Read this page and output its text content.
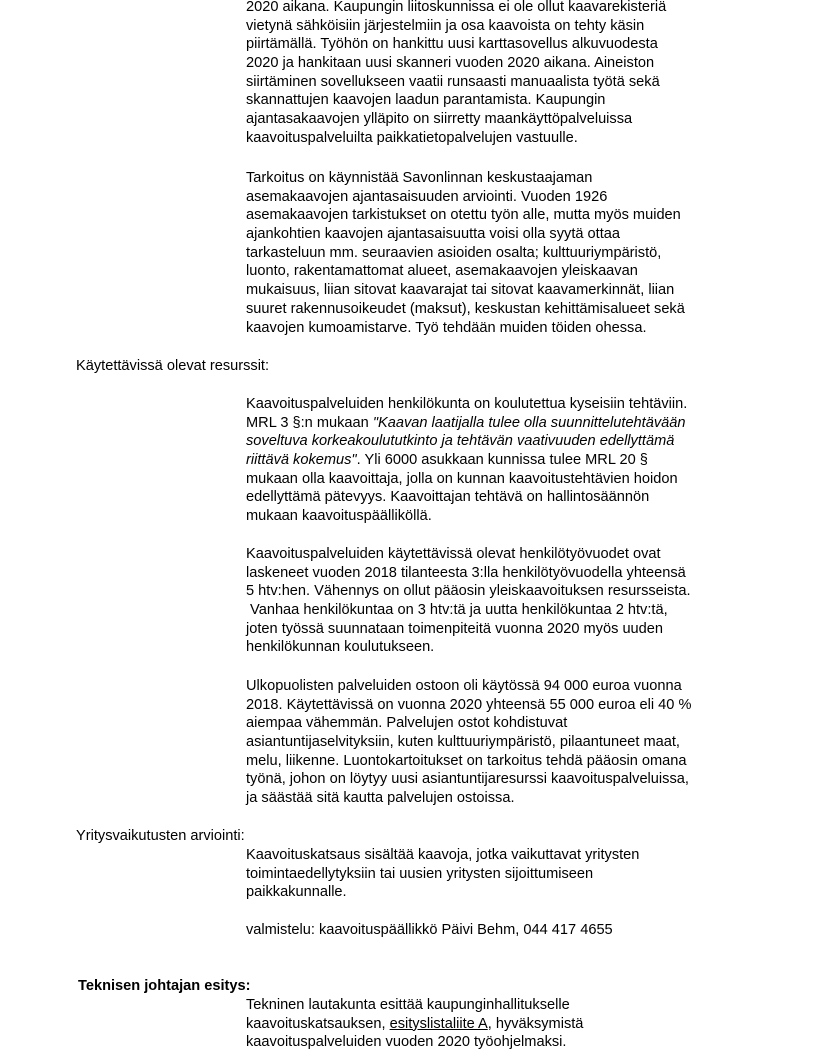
2020 aikana. Kaupungin liitoskunnissa ei ole ollut kaavarekisteriä
vietynä sähköisiin järjestelmiin ja osa kaavoista on tehty käsin
piirtämällä. Työhön on hankittu uusi karttasovellus alkuvuodesta
2020 ja hankitaan uusi skanneri vuoden 2020 aikana. Aineiston
siirtäminen sovellukseen vaatii runsaasti manuaalista työtä sekä
skannattujen kaavojen laadun parantamista. Kaupungin
ajantasakaavojen ylläpito on siirretty maankäyttöpalveluissa
kaavoituspalveluilta paikkatietopalvelujen vastuulle.
Tarkoitus on käynnistää Savonlinnan keskustaajaman
asemakaavojen ajantasaisuuden arviointi. Vuoden 1926
asemakaavojen tarkistukset on otettu työn alle, mutta myös muiden
ajankohtien kaavojen ajantasaisuutta voisi olla syytä ottaa
tarkasteluun mm. seuraavien asioiden osalta; kulttuuriympäristö,
luonto, rakentamattomat alueet, asemakaavojen yleiskaavan
mukaisuus, liian sitovat kaavarajat tai sitovat kaavamerkinnät, liian
suuret rakennusoikeudet (maksut), keskustan kehittämisalueet sekä
kaavojen kumoamistarve. Työ tehdään muiden töiden ohessa.
Käytettävissä olevat resurssit:
Kaavoituspalveluiden henkilökunta on koulutettua kyseisiin tehtäviin.
MRL 3 §:n mukaan "Kaavan laatijalla tulee olla suunnittelutehtävään
soveltuva korkeakoulututkinto ja tehtävän vaativuuden edellyttämä
riittävä kokemus". Yli 6000 asukkaan kunnissa tulee MRL 20 §
mukaan olla kaavoittaja, jolla on kunnan kaavoitustehtävien hoidon
edellyttämä pätevyys. Kaavoittajan tehtävä on hallintosäännön
mukaan kaavoituspäälliköllä.
Kaavoituspalveluiden käytettävissä olevat henkilötyövuodet ovat
laskeneet vuoden 2018 tilanteesta 3:lla henkilötyövuodella yhteensä
5 htv:hen. Vähennys on ollut pääosin yleiskaavoituksen resursseista.
Vanhaa henkilökuntaa on 3 htv:tä ja uutta henkilökuntaa 2 htv:tä,
joten työssä suunnataan toimenpiteitä vuonna 2020 myös uuden
henkilökunnan koulutukseen.
Ulkopuolisten palveluiden ostoon oli käytössä 94 000 euroa vuonna
2018. Käytettävissä on vuonna 2020 yhteensä 55 000 euroa eli 40 %
aiempaa vähemmän. Palvelujen ostot kohdistuvat
asiantuntijaselvityksiin, kuten kulttuuriympäristö, pilaantuneet maat,
melu, liikenne. Luontokartoitukset on tarkoitus tehdä pääosin omana
työnä, johon on löytyy uusi asiantuntijaresurssi kaavoituspalveluissa,
ja säästää sitä kautta palvelujen ostoissa.
Yritysvaikutusten arviointi:
Kaavoituskatsaus sisältää kaavoja, jotka vaikuttavat yritysten
toimintaedellytyksiin tai uusien yritysten sijoittumiseen
paikkakunnalle.
valmistelu: kaavoituspäällikkö Päivi Behm, 044 417 4655
Teknisen johtajan esitys:
Tekninen lautakunta esittää kaupunginhallitukselle
kaavoituskatsauksen, esityslistaliite A, hyväksymistä
kaavoituspalveluiden vuoden 2020 työohjelmaksi.
